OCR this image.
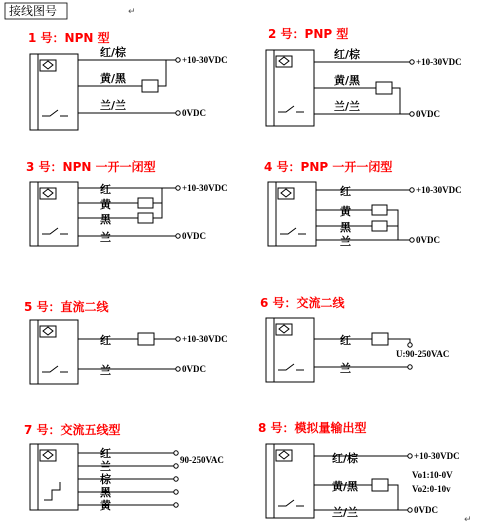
接线图号	↵
↵
1 号：NPN 型
红/棕
黄/黑
兰/兰
+10-30VDC
0VDC
2 号：PNP 型
红/棕
黄/黑
兰/兰
+10-30VDC
0VDC
3 号：NPN 一开一闭型
红
黄
黑
兰
+10-30VDC
0VDC
4 号：PNP 一开一闭型
红
黄
黑
兰
+10-30VDC
0VDC
5 号：直流二线
红
兰
+10-30VDC
0VDC
6 号：交流二线
红
兰
U:90-250VAC
7 号：交流五线型
红
兰
棕
黑
黄
90-250VAC
8 号：模拟量输出型
红/棕
黄/黑
兰/兰
+10-30VDC
0VDC
Vo1:10-0V
Vo2:0-10v
